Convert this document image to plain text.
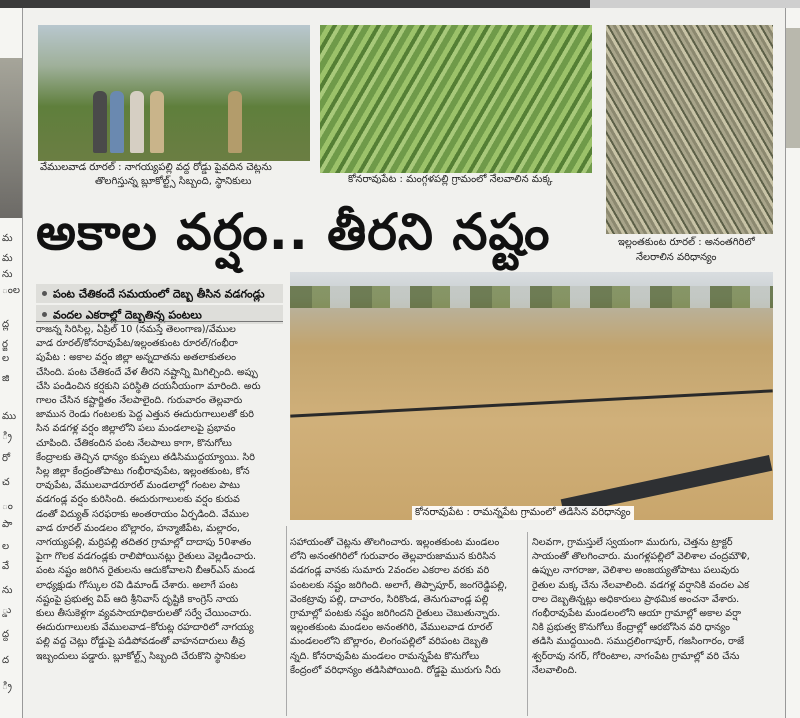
మ
మ
ను
ంల
ద్ల
ర్జ
ల
జి
ము
్రి
రో
చ
ం
పా
ల
వే
ను
్డు
ద్ద
ద
్రి
వేములవాడ రూరల్ : నాగయ్యపల్లి వద్ద రోడ్డు పైవదిన చెట్లను
తొలగిస్తున్న బ్లూకోల్ట్స్ సిబ్బంది, స్థానికులు	కోనరావుపేట : మంగ్గళపల్లి గ్రామంలో నేలవాలిన మక్క
ఇల్లంతకుంట రూరల్ : అనంతగిరిలో
నేలరాలిన వరిధాన్యం
అకాల వర్షం.. తీరని నష్టం
పంట చేతికందే సమయంలో దెబ్బ తీసిన వడగండ్లు
వందల ఎకరాల్లో దెబ్బతిన్న పంటలు
కోనరావుపేట : రామన్నపేట గ్రామంలో తడిసిన వరిధాన్యం

రాజన్న సిరిసిల్ల, ఏప్రిల్ 10 (నమస్తే తెలంగాణ)/వేముల

వాడ రూరల్/కోనరావుపేట/ఇల్లంతకుంట రూరల్/గంభీరా

పుపేట : అకాల వర్షం జిల్లా అన్నదాతను అతలాకుతలం

చేసింది. పంట చేతికందే వేళ తీరని నష్టాన్ని మిగిల్చింది. అప్పు

చేసి పండించిన కర్షకుని పరిస్థితి దయనీయంగా మారింది. అరు

గాలం చేసిన కష్టార్జితం నేలపాలైంది. గురువారం తెల్లవారు

జామున రెండు గంటలకు పెద్ద ఎత్తున ఈదురుగాలులతో కురి

సిన వడగళ్ల వర్షం జిల్లాలోని పలు మండలాలపై ప్రభావం

చూపింది. చేతికందిన పంట నేలపాలు కాగా, కొనుగోలు

కేంద్రాలకు తెచ్చిన ధాన్యం కుప్పలు తడిసిముద్దయ్యాయి. సిరి

సిల్ల జిల్లా కేంద్రంతోపాటు గంభీరావుపేట, ఇల్లంతకుంట, కోన

రావుపేట, వేములవాడరూరల్ మండలాల్లో గంటల పాటు

వడగండ్ల వర్షం కురిసింది. ఈదురుగాలులకు వర్షం కురువ

డంతో విద్యుత్ సరఫరాకు అంతరాయం ఏర్పడింది. వేముల

వాడ రూరల్ మండలం బొల్లారం, హన్మాజీపేట, మల్లారం,

నాగయ్యపల్లి, మర్రిపల్లి తదితర గ్రామాల్లో దాదాపు 50శాతం

పైగా గొలక వడగండ్లకు రాలిపోయినట్లు రైతులు వెల్లడించారు.

పంట నష్టం జరిగిన రైతులను ఆదుకోవాలని బీఆర్ఎస్ మండ

లాధ్యక్షుడు గోస్కుల రవి డిమాండ్ చేశారు. అలాగే పంట

నష్టంపై ప్రభుత్వ విప్ ఆది శ్రీనివాస్ దృష్టికి కాంగ్రెస్ నాయ

కులు తీసుకెళ్లగా వ్యవసాయాధికారులతో సర్వే చేయించారు.

ఈదురుగాలులకు వేములవాడ–కోరుట్ల రహదారిలో నాగయ్య

పల్లి వద్ద చెట్లు రోడ్డుపై పడిపోవడంతో వాహనదారులు తీవ్ర

ఇబ్బందులు పడ్డారు. బ్లూకోల్ట్స్ సిబ్బంది చేరుకొని స్థానికుల

సహాయంతో చెట్లను తొలగించారు. ఇల్లంతకుంట మండలం

లోని అనంతగిరిలో గురువారం తెల్లవారుజామున కురిసిన

వడగండ్ల వానకు సుమారు 2వందల ఎకరాల వరకు వరి

పంటలకు నష్టం జరిగింది. అలాగే, తిప్పాపూర్, జంగరెడ్డిపల్లి,

వెంకట్రావు పల్లి, దాచారం, సిరికొండ, తెనుగువాండ్ల పల్లి

గ్రామాల్లో పంటకు నష్టం జరిగిందని రైతులు చెబుతున్నారు.

ఇల్లంతకుంట మండలం అనంతగిరి, వేములవాడ రూరల్

మండలంలోని బొల్లారం, లింగంపల్లిలో వరిపంట దెబ్బతి

న్నది. కోనరావుపేట మండలం రామన్నపేట కొనుగోలు

కేంద్రంలో వరిధాన్యం తడిసిపోయింది. రోడ్డపై మురుగు నీరు

నిలవగా, గ్రామస్తులే స్వయంగా మురుగు, చెత్తను ట్రాక్టర్

సాయంతో తొలగించారు. మంగళ్లపల్లిలో వెలిశాల చంద్రమౌళి,

ఉప్పుల నాగరాజు, వెలిశాల అంజయ్యతోపాటు పలువురు

రైతుల మక్క చేను నేలవాలింది. వడగళ్ల వర్షానికి వందల ఎక

రాల దెబ్బతిన్నట్లు అధికారులు ప్రాథమిక అంచనా వేశారు.

గంభీరావుపేట మండలంలోని ఆయా గ్రామాల్లో అకాల వర్షా

నికి ప్రభుత్వ కొనుగోలు కేంద్రాల్లో ఆరబోసిన వరి ధాన్యం

తడిసి ముద్దయింది. సముద్రలింగాపూర్, గజసింగారం, రాజే

శ్వర్‌రావు నగర్, గోరింటాల, నాగంపేట గ్రామాల్లో వరి చేను

నేలవాలింది.
